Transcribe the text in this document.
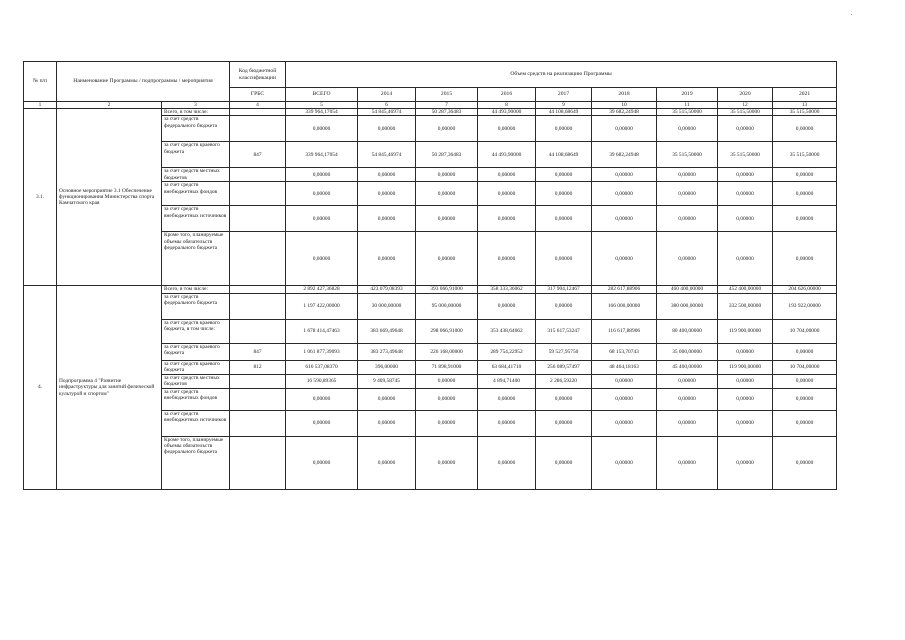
№ п/п	Наименование Программы / подпрограммы / мероприятия		Код бюджетной классификации	Объем средств на реализацию Программы								
			ГРБС	ВСЕГО	2014	2015	2016	2017	2018	2019	2020	2021
1	2	3	4	5	6	7	8	9	10	11	12	13
3.1.	Основное мероприятие 3.1 Обеспечение функционирования Министерства спорта Камчатского края	Всего, в том числе:		339 964,17054	54 845,46974	50 287,36483	44 493,90000	44 108,68649	39 682,24948	35 515,50000	35 515,50000	35 515,50000
		за счет средств федерального бюджета		0,00000	0,00000	0,00000	0,00000	0,00000	0,00000	0,00000	0,00000	0,00000
		за счет средств краевого бюджета	847	339 964,17054	54 845,46974	50 287,36483	44 493,90000	44 108,68649	39 682,24948	35 515,50000	35 515,50000	35 515,50000
		за счет средств местных бюджетов		0,00000	0,00000	0,00000	0,00000	0,00000	0,00000	0,00000	0,00000	0,00000
		за счет средств внебюджетных фондов		0,00000	0,00000	0,00000	0,00000	0,00000	0,00000	0,00000	0,00000	0,00000
		за счет средств внебюджетных источников		0,00000	0,00000	0,00000	0,00000	0,00000	0,00000	0,00000	0,00000	0,00000
		Кроме того, планируемые объемы обязательств федерального бюджета		0,00000	0,00000	0,00000	0,00000	0,00000	0,00000	0,00000	0,00000	0,00000
4.	Подпрограмма 4 "Развитие инфраструктуры для занятий физической культурой и спортом"	Всего, в том числе:		2 892 427,36828	423 079,08393	393 066,91000	358 333,36062	317 904,12467	282 617,88906	460 400,00000	452 400,00000	204 626,00000
		за счет средств федерального бюджета		1 197 422,00000	30 000,00000	95 000,00000	0,00000	0,00000	166 000,00000	380 000,00000	332 500,00000	193 922,00000
		за счет средств краевого бюджета, в том числе:		1 678 414,47463	383 669,49648	298 066,91000	353 438,64662	315 617,53247	116 617,88906	80 400,00000	119 900,00000	10 704,00000
		за счет средств краевого бюджета	847	1 061 877,39093	383 273,49648	226 168,00000	289 754,22952	59 527,95750	68 153,70743	35 000,00000	0,00000	0,00000
		за счет средств краевого бюджета	812	616 537,08370	396,00000	71 898,91000	63 684,41710	256 089,57497	48 464,18163	45 400,00000	119 900,00000	10 704,00000
		за счет средств местных бюджетов		16 590,89365	9 409,58745	0,00000	4 894,71400	2 286,59220	0,00000	0,00000	0,00000	0,00000
		за счет средств внебюджетных фондов		0,00000	0,00000	0,00000	0,00000	0,00000	0,00000	0,00000	0,00000	0,00000
		за счет средств внебюджетных источников		0,00000	0,00000	0,00000	0,00000	0,00000	0,00000	0,00000	0,00000	0,00000
		Кроме того, планируемые объемы обязательств федерального бюджета		0,00000	0,00000	0,00000	0,00000	0,00000	0,00000	0,00000	0,00000	0,00000
